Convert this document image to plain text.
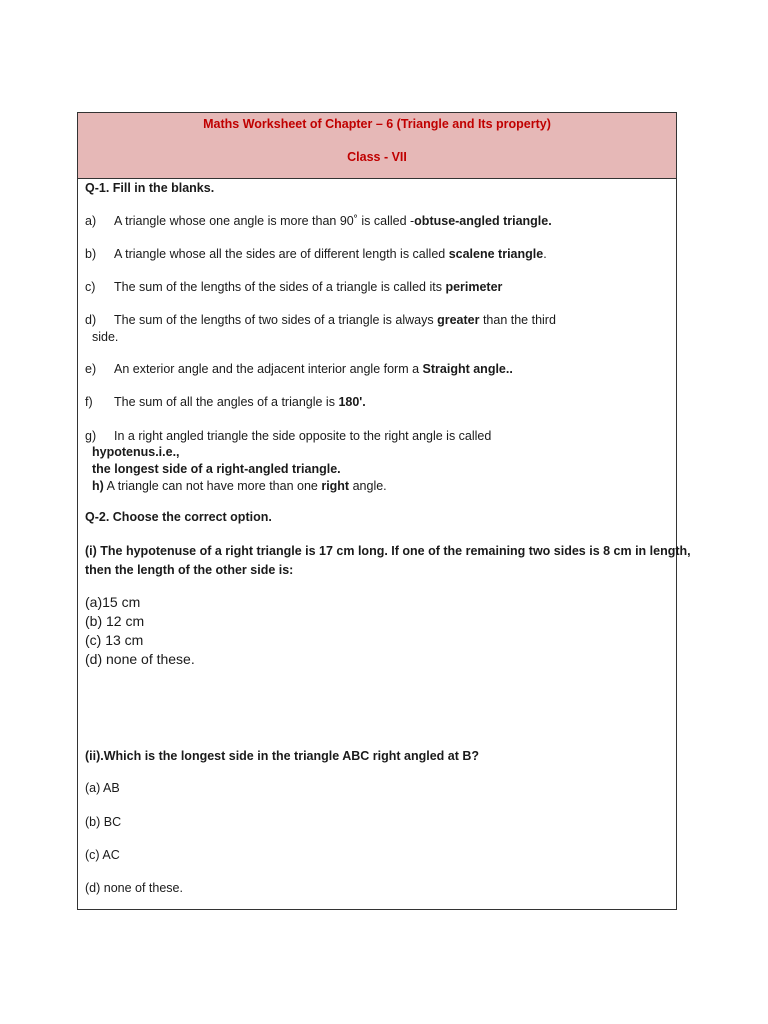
Maths Worksheet of Chapter – 6 (Triangle and Its property)
Class - VII
Q-1. Fill in the blanks.
a) A triangle whose one angle is more than 90˚ is called -obtuse-angled triangle.
b) A triangle whose all the sides are of different length is called scalene triangle.
c) The sum of the lengths of the sides of a triangle is called its perimeter
d) The sum of the lengths of two sides of a triangle is always greater than the third
side.
e) An exterior angle and the adjacent interior angle form a Straight angle..
f) The sum of all the angles of a triangle is 180'.
g) In a right angled triangle the side opposite to the right angle is called
hypotenus.i.e.,
the longest side of a right-angled triangle.
h) A triangle can not have more than one right angle.
Q-2. Choose the correct option.
(i) The hypotenuse of a right triangle is 17 cm long. If one of the remaining two sides is 8 cm in length,
then the length of the other side is:
(a)15 cm
(b) 12 cm
(c) 13 cm
(d) none of these.
(ii).Which is the longest side in the triangle ABC right angled at B?
(a) AB
(b) BC
(c) AC
(d) none of these.
